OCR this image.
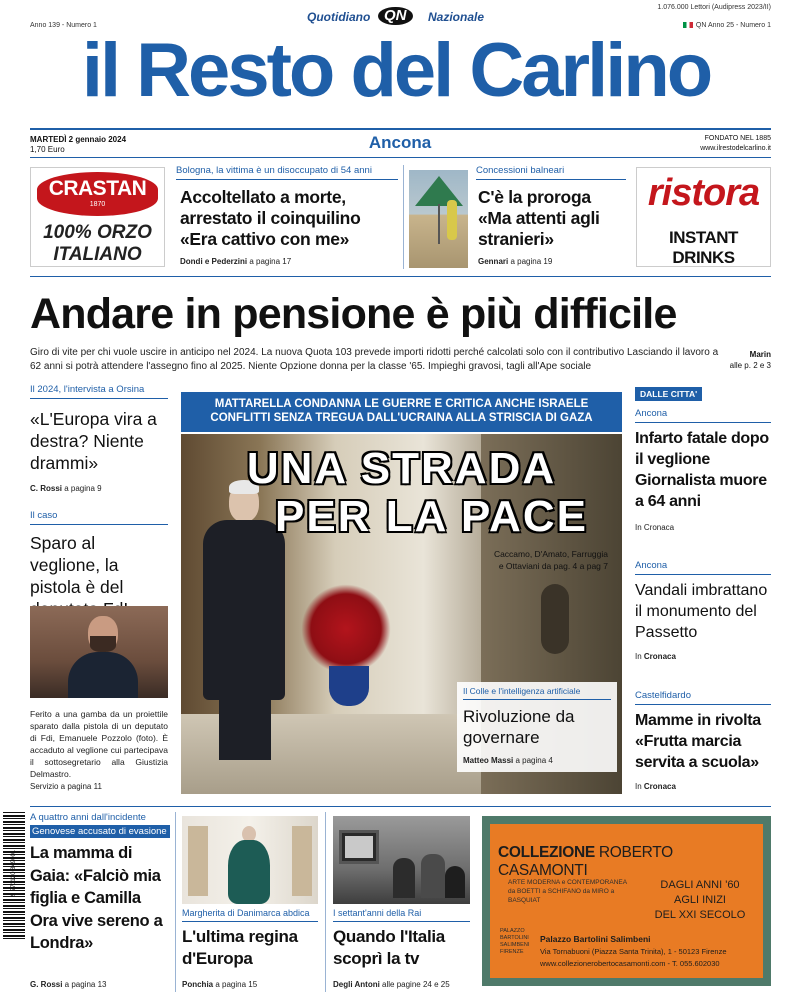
Quotidiano QN	Nazionale
1.076.000 Lettori (Audipress 2023/II)
Anno 139 - Numero 1	QN Anno 25 - Numero 1
il Resto del Carlino
MARTEDÌ 2 gennaio 2024
1,70 Euro	Ancona	FONDATO NEL 1885
www.ilrestodelcarlino.it
CRASTAN
1870
100% ORZO
ITALIANO
Bologna, la vittima è un disoccupato di 54 anni
Accoltellato a morte, arrestato il coinquilino «Era cattivo con me»
Dondi e Pederzini a pagina 17
Concessioni balneari
C'è la proroga «Ma attenti agli stranieri»
Gennari a pagina 19
ristora
INSTANT DRINKS
Andare in pensione è più difficile
Giro di vite per chi vuole uscire in anticipo nel 2024. La nuova Quota 103 prevede importi ridotti perché calcolati solo con il contributivo Lasciando il lavoro a 62 anni si potrà attendere l'assegno fino al 2025. Niente Opzione donna per la classe '65. Impieghi gravosi, tagli all'Ape sociale
Marin
alle p. 2 e 3
Il 2024, l'intervista a Orsina
«L'Europa vira a destra? Niente drammi»
C. Rossi a pagina 9
Il caso
Sparo al veglione, la pistola è del
Ferito a una gamba da un proiettile sparato dalla pistola di un deputato di Fdi, Emanuele Pozzolo (foto). È accaduto al veglione cui partecipava il sottosegretario alla Giustizia Delmastro.
Servizio a pagina 11
MATTARELLA CONDANNA LE GUERRE E CRITICA ANCHE ISRAELE CONFLITTI SENZA TREGUA DALL'UCRAINA ALLA STRISCIA DI GAZA
UNA STRADA
PER LA PACE
Caccamo, D'Amato, Farruggia
e Ottaviani da pag. 4 a pag 7
Il Colle e l'intelligenza artificiale
Rivoluzione da governare
Matteo Massi a pagina 4
DALLE CITTA'
Ancona
Infarto fatale dopo il veglione Giornalista muore a 64 anni
In Cronaca
Ancona
Vandali imbrattano il monumento del Passetto
In Cronaca
Castelfidardo
Mamme in rivolta «Frutta marcia servita a scuola»
In Cronaca
9 771120 849001
A quattro anni dall'incidente
Genovese accusato di evasione
La mamma di Gaia: «Falciò mia figlia e Camilla Ora vive sereno a Londra»
G. Rossi a pagina 13
Margherita di Danimarca abdica
L'ultima regina d'Europa
Ponchia a pagina 15
I settant'anni della Rai
Quando l'Italia scoprì la tv
Degli Antoni alle pagine 24 e 25
COLLEZIONE ROBERTO CASAMONTI
ARTE MODERNA e CONTEMPORANEA da BOETTI a SCHIFANO da MIRO a BASQUIAT
DAGLI ANNI '60
AGLI INIZI
DEL XXI SECOLO
PALAZZO BARTOLINI SALIMBENI FIRENZE
Palazzo Bartolini Salimbeni
Via Tornabuoni (Piazza Santa Trinita), 1 - 50123 Firenze
www.collezionerobertocasamonti.com - T. 055.602030
